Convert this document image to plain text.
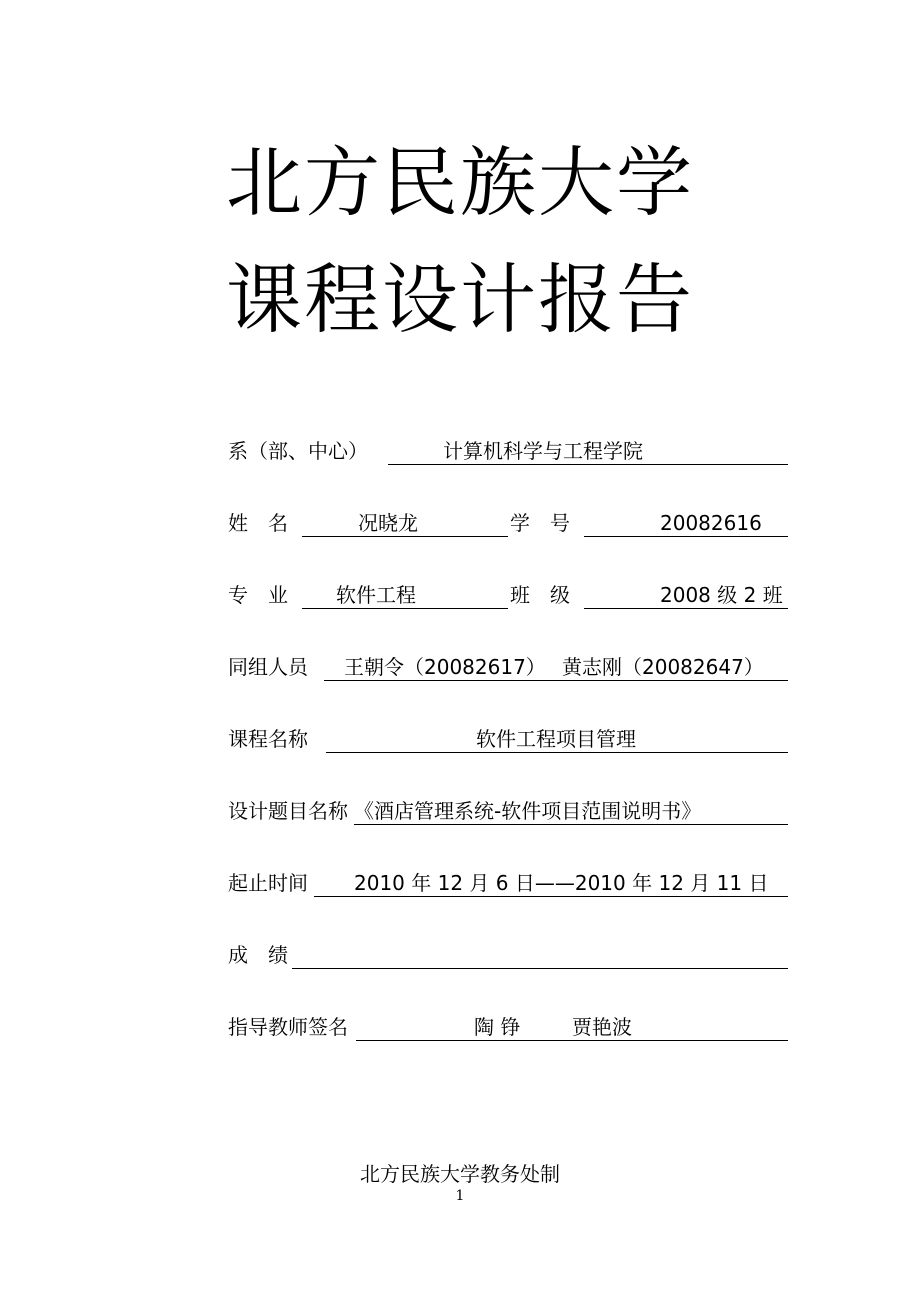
北方民族大学
课程设计报告
系（部、中心）	计算机科学与工程学院
姓　名	况晓龙	学　号	20082616
专　业 软件工程	班　级	2008 级 2 班
同组人员 王朝令（20082617） 黄志刚（20082647）
课程名称	软件工程项目管理
设计题目名称 《酒店管理系统-软件项目范围说明书》
起止时间 2010 年 12 月 6 日——2010 年 12 月 11 日
成　绩
指导教师签名	陶 铮	贾艳波
北方民族大学教务处制
1
